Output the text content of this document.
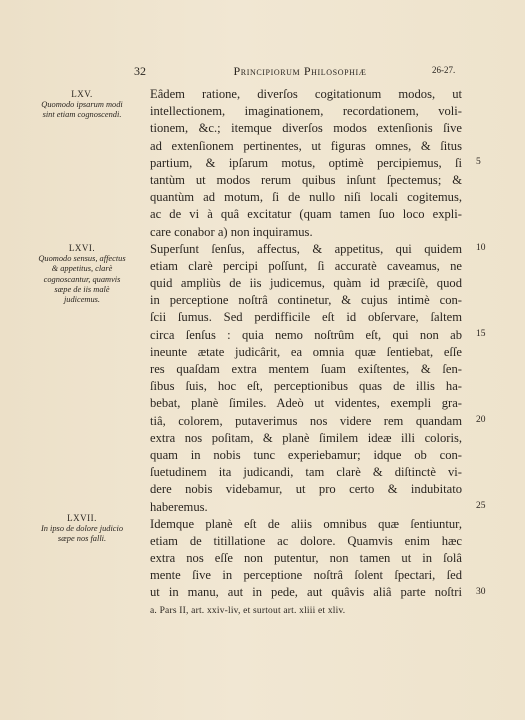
32	Principiorum Philosophiæ	26-27.
LXV.
Quomodo ipsarum modi sint etiam cognoscendi.
LXVI.
Quomodo sensus, affectus & appetitus, clarè cognoscantur, quamvis sæpe de iis malè judicemus.
LXVII.
In ipso de dolore judicio sæpe nos falli.
Eâdem ratione, diverſos cogitationum modos, ut
intellectionem, imaginationem, recordationem, voli-
tionem, &c.; itemque diverſos modos extenſionis ſive
ad extenſionem pertinentes, ut figuras omnes, & ſitus
partium, & ipſarum motus, optimè percipiemus, ſi
tantùm ut modos rerum quibus inſunt ſpectemus; &
quantùm ad motum, ſi de nullo niſi locali cogitemus,
ac de vi à quâ excitatur (quam tamen ſuo loco expli-
care conabor a) non inquiramus.
Superſunt ſenſus, affectus, & appetitus, qui quidem
etiam clarè percipi poſſunt, ſi accuratè caveamus, ne
quid ampliùs de iis judicemus, quàm id præciſè, quod
in perceptione noſtrâ continetur, & cujus intimè con-
ſcii ſumus. Sed perdifficile eſt id obſervare, ſaltem
circa ſenſus : quia nemo noſtrûm eſt, qui non ab
ineunte ætate judicârit, ea omnia quæ ſentiebat, eſſe
res quaſdam extra mentem ſuam exiſtentes, & ſen-
ſibus ſuis, hoc eſt, perceptionibus quas de illis ha-
bebat, planè ſimiles. Adeò ut videntes, exempli gra-
tiâ, colorem, putaverimus nos videre rem quandam
extra nos poſitam, & planè ſimilem ideæ illi coloris,
quam in nobis tunc experiebamur; idque ob con-
ſuetudinem ita judicandi, tam clarè & diſtinctè vi-
dere nobis videbamur, ut pro certo & indubitato
haberemus.
Idemque planè eſt de aliis omnibus quæ ſentiuntur,
etiam de titillatione ac dolore. Quamvis enim hæc
extra nos eſſe non putentur, non tamen ut in ſolâ
mente ſive in perceptione noſtrâ ſolent ſpectari, ſed
ut in manu, aut in pede, aut quâvis aliâ parte noſtri
5
10
15
20
25
30
a. Pars II, art. xxiv-liv, et surtout art. xliii et xliv.
